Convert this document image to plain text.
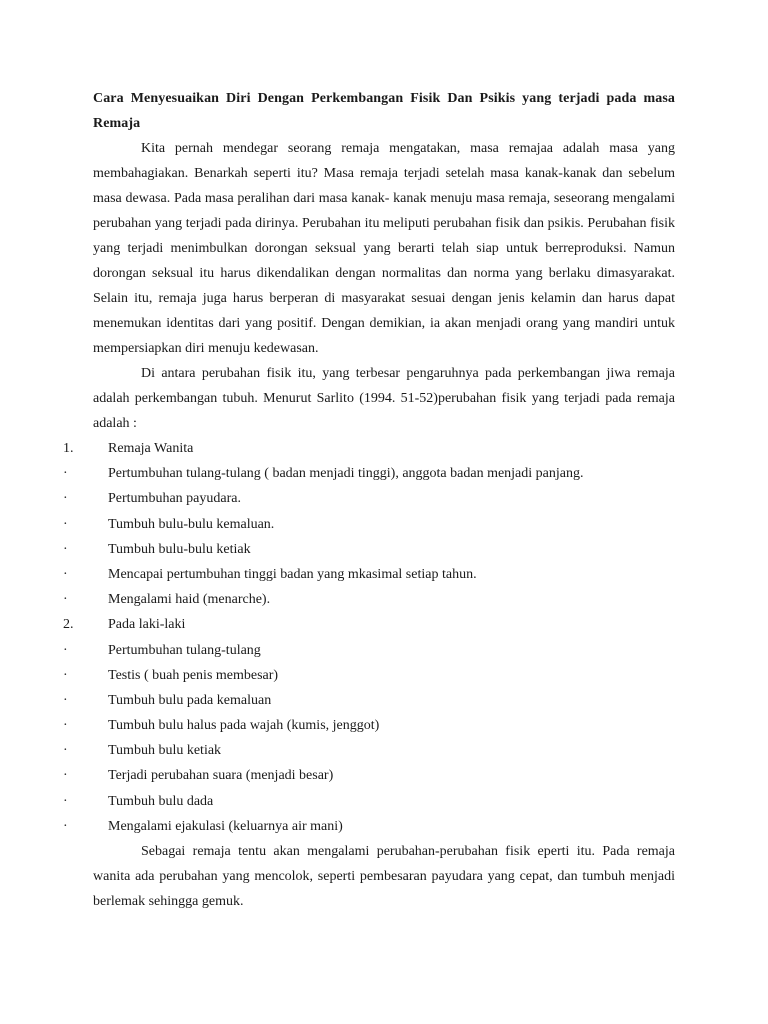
Cara Menyesuaikan Diri Dengan Perkembangan Fisik Dan Psikis yang terjadi pada masa Remaja

Kita pernah mendegar seorang remaja mengatakan, masa remajaa adalah masa yang membahagiakan. Benarkah seperti itu? Masa remaja terjadi setelah masa kanak-kanak dan sebelum masa dewasa. Pada masa peralihan dari masa kanak- kanak menuju masa remaja, seseorang mengalami perubahan yang terjadi pada dirinya. Perubahan itu meliputi perubahan fisik dan psikis. Perubahan fisik yang terjadi menimbulkan dorongan seksual yang berarti telah siap untuk berreproduksi. Namun dorongan seksual itu harus dikendalikan dengan normalitas dan norma yang berlaku dimasyarakat. Selain itu, remaja juga harus berperan di masyarakat sesuai dengan jenis kelamin dan harus dapat menemukan identitas dari yang positif. Dengan demikian, ia akan menjadi orang yang mandiri untuk mempersiapkan diri menuju kedewasan.

Di antara perubahan fisik itu, yang terbesar pengaruhnya pada perkembangan jiwa remaja adalah perkembangan tubuh. Menurut Sarlito (1994. 51-52)perubahan fisik yang terjadi pada remaja adalah :

1.	Remaja Wanita
·	Pertumbuhan tulang-tulang ( badan menjadi tinggi), anggota badan menjadi panjang.
·	Pertumbuhan payudara.
·	Tumbuh bulu-bulu kemaluan.
·	Tumbuh bulu-bulu ketiak
·	Mencapai pertumbuhan tinggi badan yang mkasimal setiap tahun.
·	Mengalami haid (menarche).
2.	Pada laki-laki
·	Pertumbuhan tulang-tulang
·	Testis ( buah penis membesar)
·	Tumbuh bulu pada kemaluan
·	Tumbuh bulu halus pada wajah (kumis, jenggot)
·	Tumbuh bulu ketiak
·	Terjadi perubahan suara (menjadi besar)
·	Tumbuh bulu dada
·	Mengalami ejakulasi (keluarnya air mani)

Sebagai remaja tentu akan mengalami perubahan-perubahan fisik eperti itu. Pada remaja wanita ada perubahan yang mencolok, seperti pembesaran payudara yang cepat, dan tumbuh menjadi berlemak sehingga gemuk.
